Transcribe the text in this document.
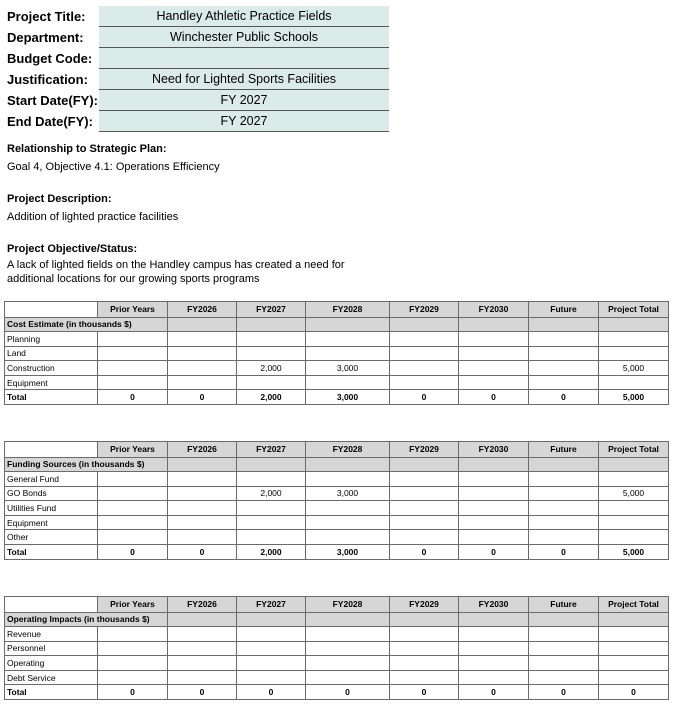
Project Title:	Handley Athletic Practice Fields
Department:	Winchester Public Schools
Budget Code:	
Justification:	Need for Lighted Sports Facilities
Start Date(FY):	FY 2027
End Date(FY):	FY 2027
Relationship to Strategic Plan:
Goal 4, Objective 4.1: Operations Efficiency
Project Description:
Addition of lighted practice facilities
Project Objective/Status:
A lack of lighted fields on the Handley campus has created a need for additional locations for our growing sports programs
	Prior Years	FY2026	FY2027	FY2028	FY2029	FY2030	Future	Project Total
Cost Estimate (in thousands $)								
Planning								
Land								
Construction			2,000	3,000				5,000
Equipment								
Total	0	0	2,000	3,000	0	0	0	5,000
	Prior Years	FY2026	FY2027	FY2028	FY2029	FY2030	Future	Project Total
Funding Sources (in thousands $)								
General Fund								
GO Bonds			2,000	3,000				5,000
Utilities Fund								
Equipment								
Other								
Total	0	0	2,000	3,000	0	0	0	5,000
	Prior Years	FY2026	FY2027	FY2028	FY2029	FY2030	Future	Project Total
Operating Impacts (in thousands $)								
Revenue								
Personnel								
Operating								
Debt Service								
Total	0	0	0	0	0	0	0	0
